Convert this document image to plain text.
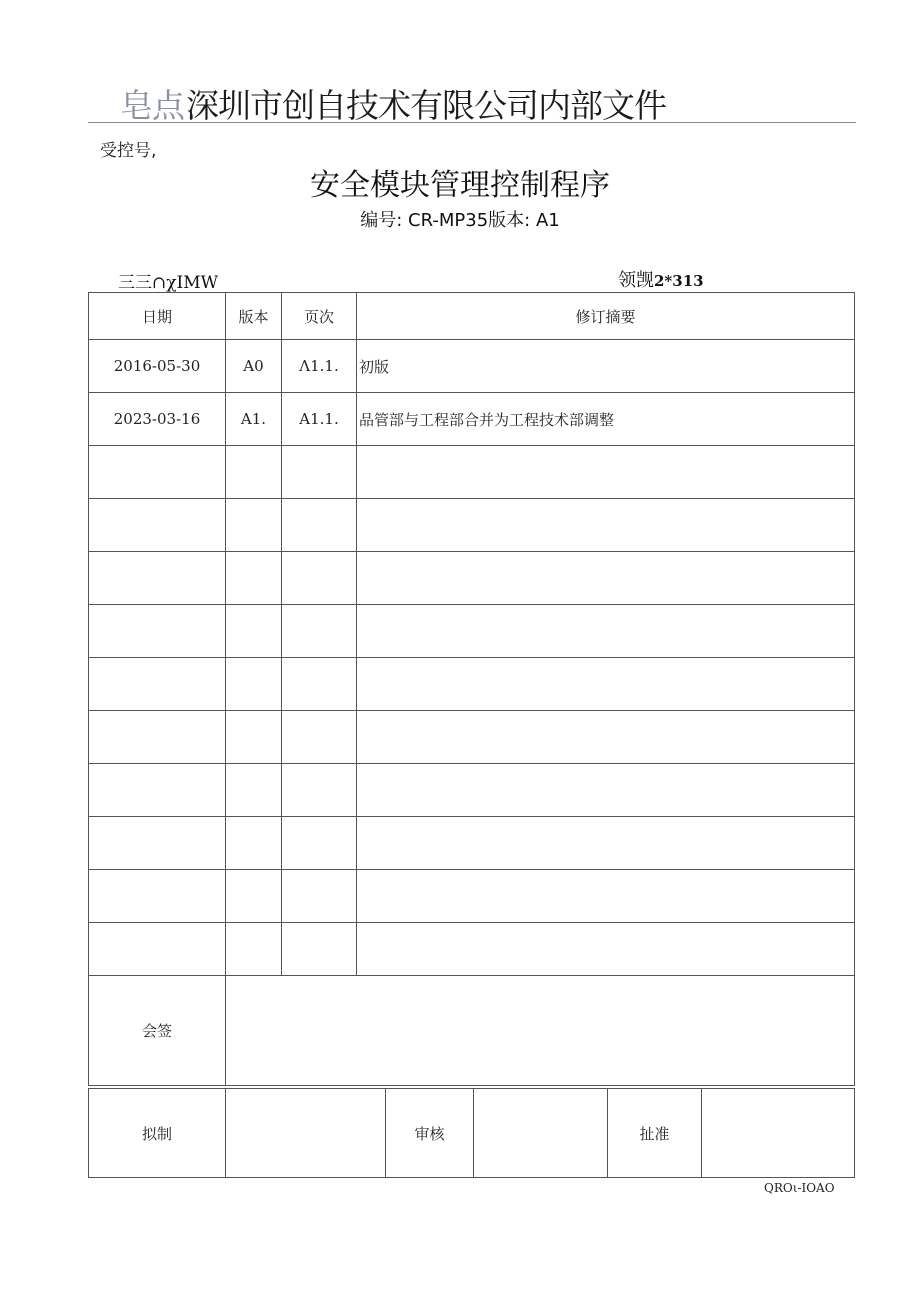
皂点 深圳市创自技术有限公司内部文件
受控号,
安全模块管理控制程序
编号: CR-MP35版本: A1
三三∩χIMW	领觊2*313
日期	版本	页次	修订摘要
2016-05-30	A0	Λ1.1.	初版
2023-03-16	A1.	A1.1.	品管部与工程部合并为工程技术部调整

会签			
拟制		审核		扯准	
QROι-IOAO
